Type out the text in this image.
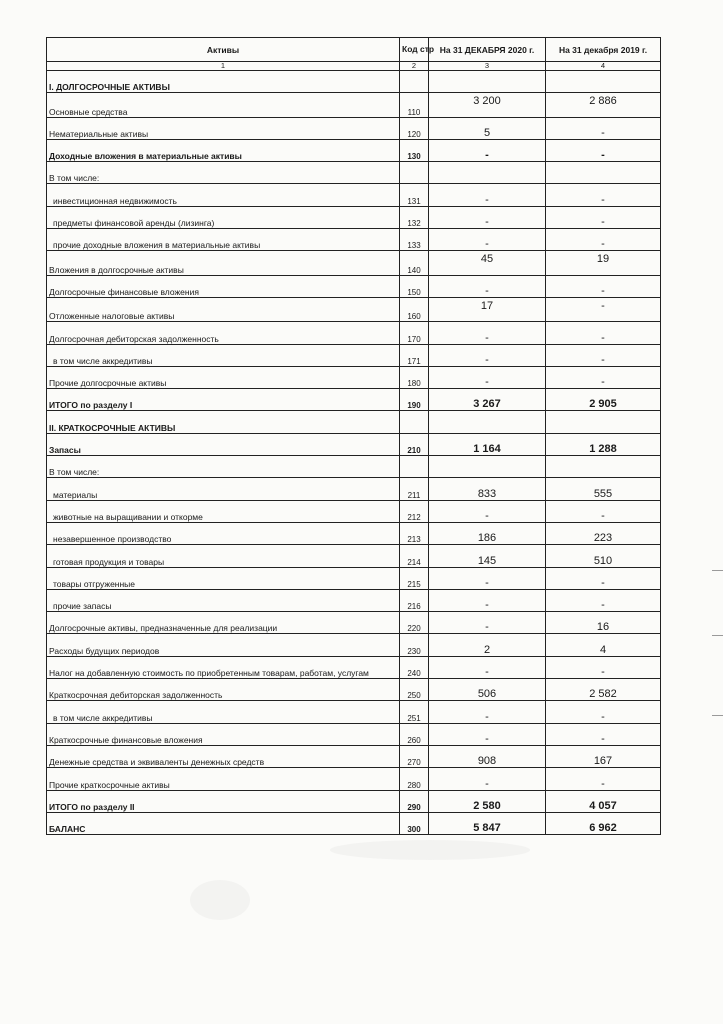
Активы	Код стр	На 31 ДЕКАБРЯ 2020 г.	На 31 декабря 2019 г.
1	2	3	4
I. ДОЛГОСРОЧНЫЕ АКТИВЫ			
Основные средства	110	3 200	2 886
Нематериальные активы	120	5	-
Доходные вложения в материальные активы	130	-	-
В том числе:			
инвестиционная недвижимость	131	-	-
предметы финансовой аренды (лизинга)	132	-	-
прочие доходные вложения в материальные активы	133	-	-
Вложения в долгосрочные активы	140	45	19
Долгосрочные финансовые вложения	150	-	-
Отложенные налоговые активы	160	17	-
Долгосрочная дебиторская задолженность	170	-	-
в том числе аккредитивы	171	-	-
Прочие долгосрочные активы	180	-	-
ИТОГО по разделу I	190	3 267	2 905
II. КРАТКОСРОЧНЫЕ АКТИВЫ			
Запасы	210	1 164	1 288
В том числе:			
материалы	211	833	555
животные на выращивании и откорме	212	-	-
незавершенное производство	213	186	223
готовая продукция и товары	214	145	510
товары отгруженные	215	-	-
прочие запасы	216	-	-
Долгосрочные активы, предназначенные для реализации	220	-	16
Расходы будущих периодов	230	2	4
Налог на добавленную стоимость по приобретенным товарам, работам, услугам	240	-	-
Краткосрочная дебиторская задолженность	250	506	2 582
в том числе аккредитивы	251	-	-
Краткосрочные финансовые вложения	260	-	-
Денежные средства и эквиваленты денежных средств	270	908	167
Прочие краткосрочные активы	280	-	-
ИТОГО по разделу II	290	2 580	4 057
БАЛАНС	300	5 847	6 962
